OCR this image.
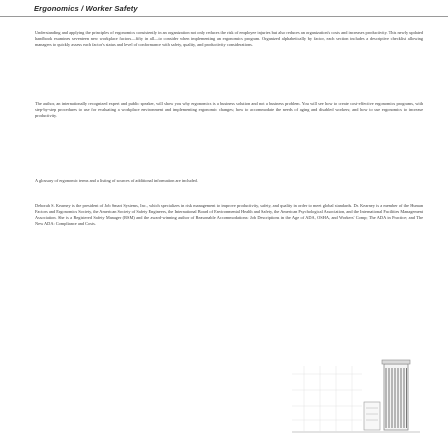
Ergonomics / Worker Safety

Understanding and applying the principles of ergonomics consistently in an organization not only reduces the risk of employee injuries but also reduces an organization's costs and increases productivity. This newly updated handbook examines seventeen new workplace factors—fifty in all—to consider when implementing an ergonomics program. Organized alphabetically by factor, each section includes a descriptive checklist allowing managers to quickly assess each factor's status and level of conformance with safety, quality, and productivity considerations.

The author, an internationally recognized expert and public speaker, will show you why ergonomics is a business solution and not a business problem. You will see how to create cost-effective ergonomics programs, with step-by-step procedures to use for evaluating a workplace environment and implementing ergonomic changes; how to accommodate the needs of aging and disabled workers; and how to use ergonomics to increase productivity.

A glossary of ergonomic terms and a listing of sources of additional information are included.

Deborah S. Kearney is the president of Job Smart Systems, Inc., which specializes in risk management to improve productivity, safety, and quality in order to meet global standards. Dr. Kearney is a member of the Human Factors and Ergonomics Society, the American Society of Safety Engineers, the International Board of Environmental Health and Safety, the American Psychological Association, and the International Facilities Management Association. She is a Registered Safety Manager (RSM) and the award-winning author of Reasonable Accommodations: Job Descriptions in the Age of ADA, OSHA, and Workers' Comp; The ADA in Practice; and The New ADA: Compliance and Costs.
